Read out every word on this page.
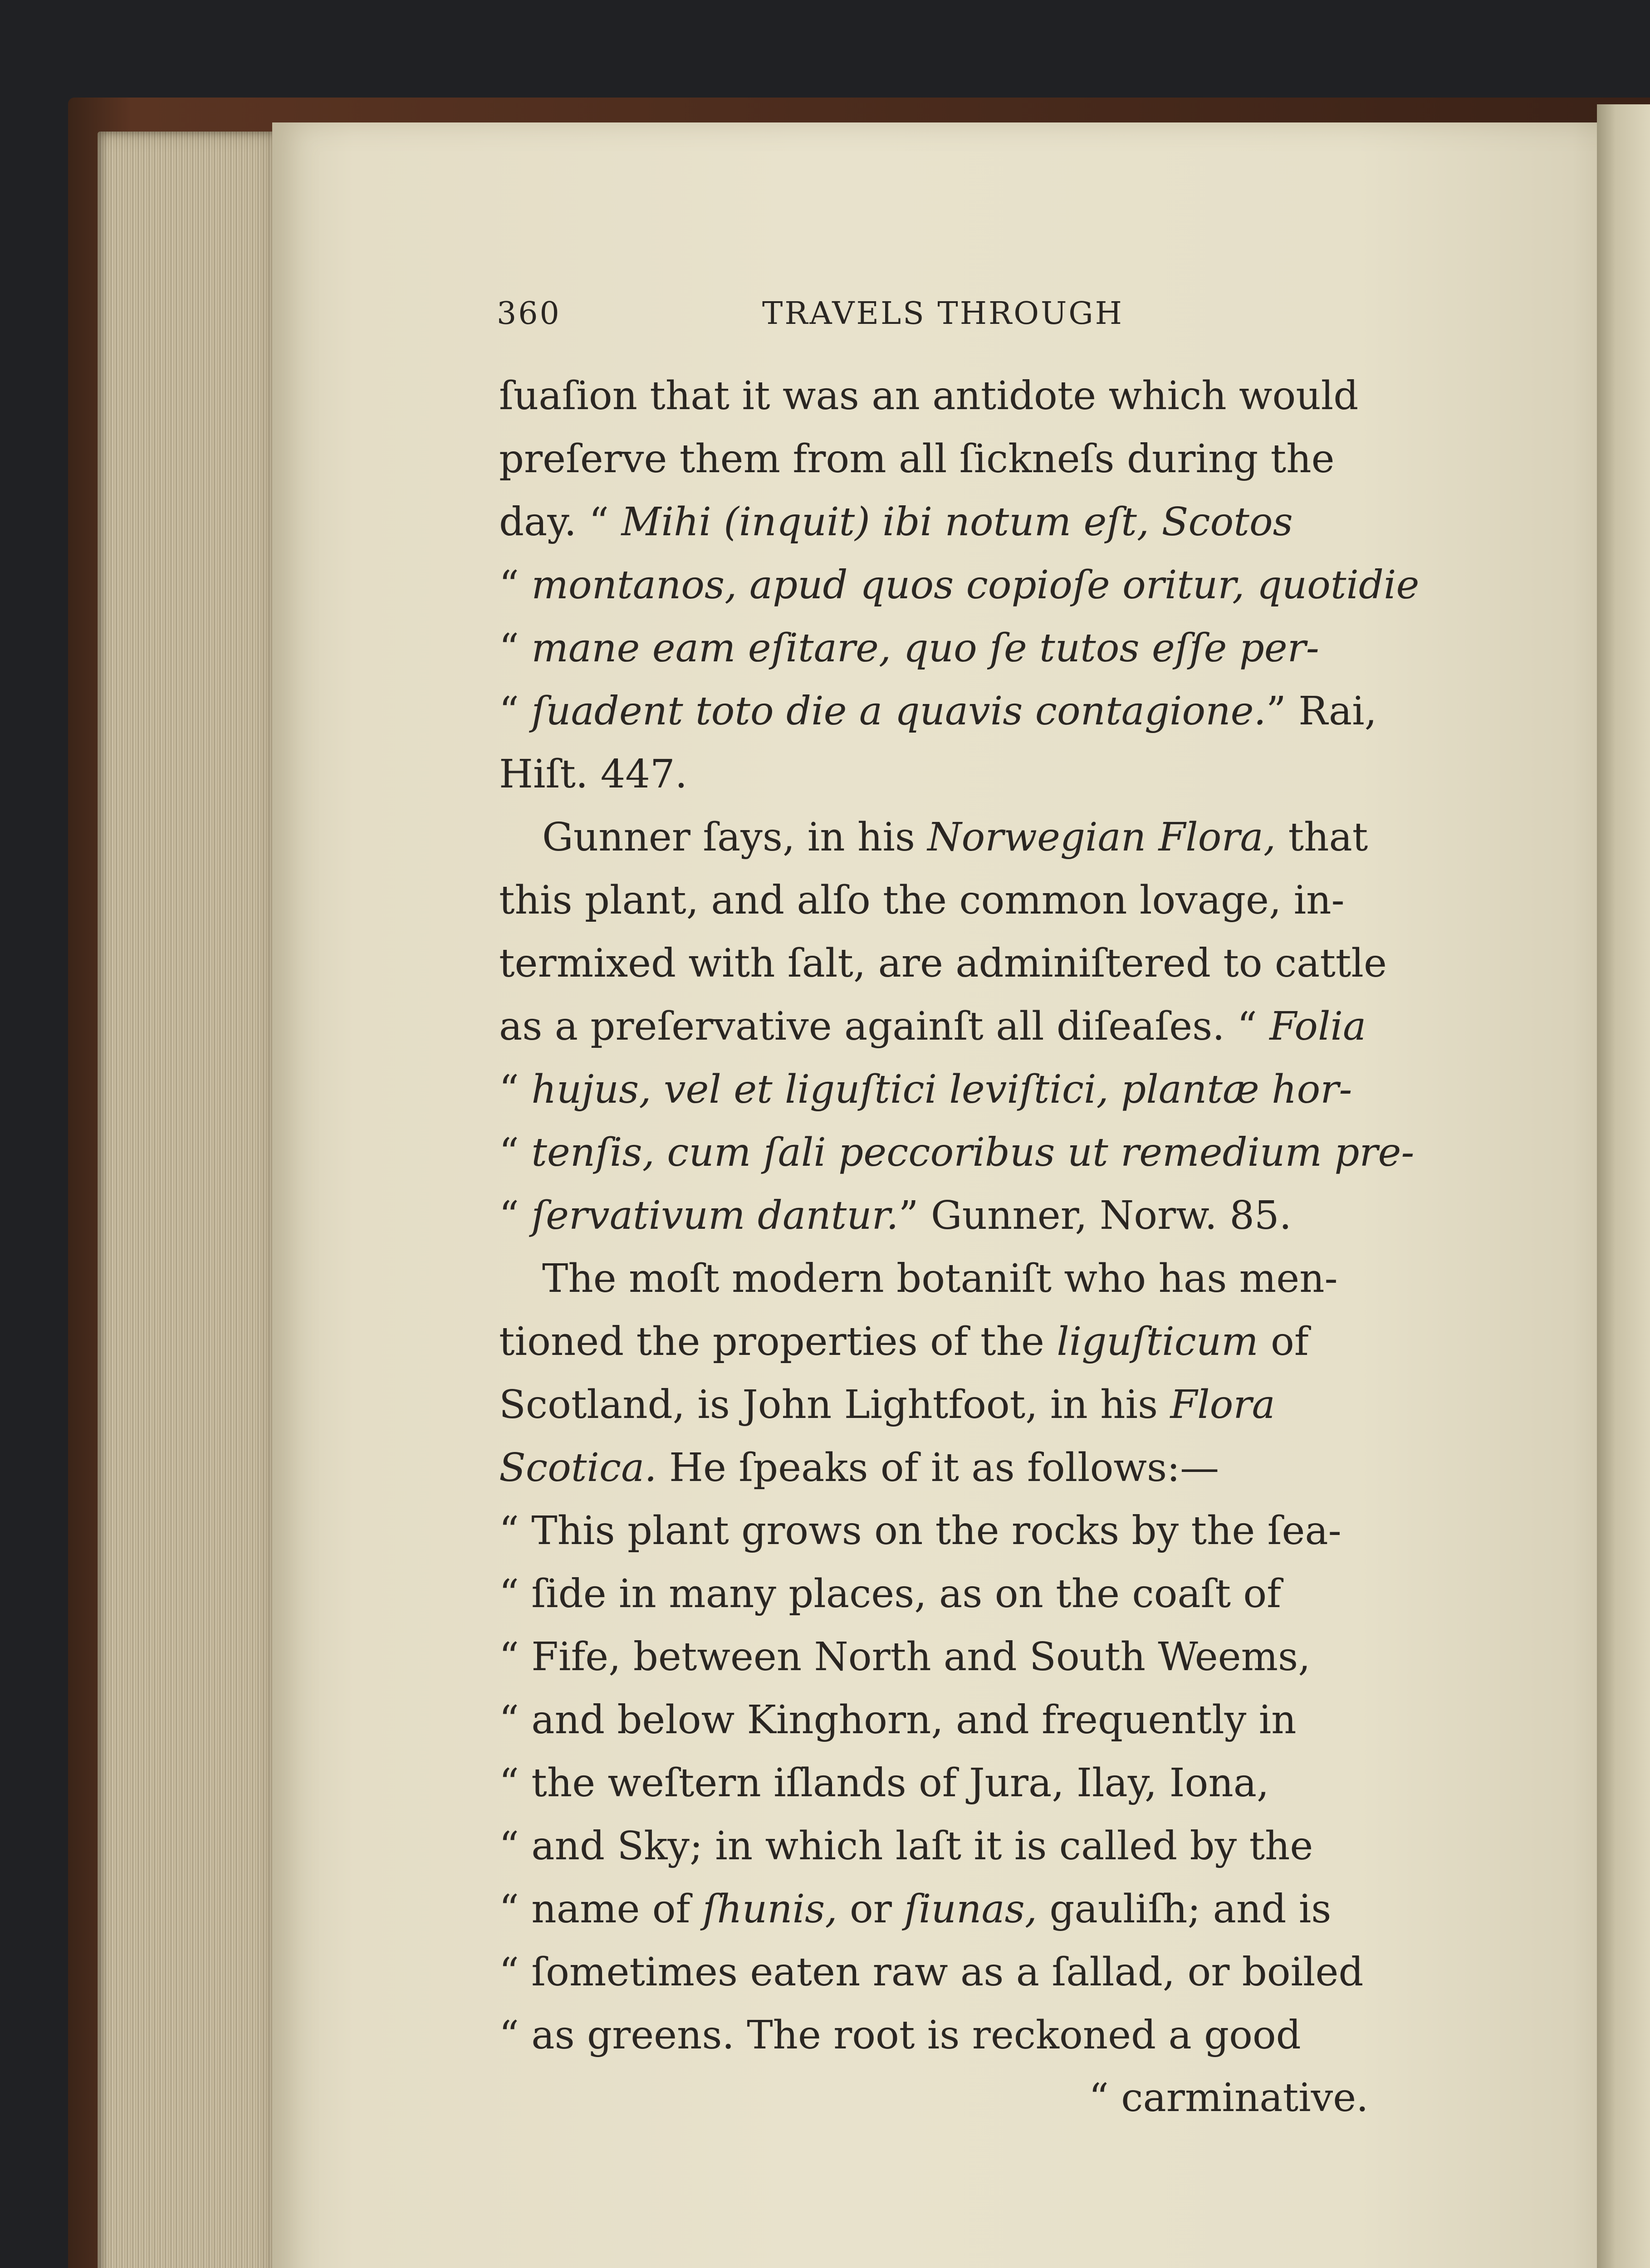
360	TRAVELS THROUGH
ſuaſion that it was an antidote which would
preſerve them from all ſickneſs during the
day. “ Mihi (inquit) ibi notum eſt, Scotos
“ montanos, apud quos copioſe oritur, quotidie
“ mane eam eſitare, quo ſe tutos eſſe per-
“ ſuadent toto die a quavis contagione.” Rai,
Hiſt. 447.
Gunner ſays, in his Norwegian Flora, that
this plant, and alſo the common lovage, in-
termixed with ſalt, are adminiſtered to cattle
as a preſervative againſt all diſeaſes. “ Folia
“ hujus, vel et liguſtici leviſtici, plantæ hor-
“ tenſis, cum ſali peccoribus ut remedium pre-
“ ſervativum dantur.” Gunner, Norw. 85.
The moſt modern botaniſt who has men-
tioned the properties of the liguſticum of
Scotland, is John Lightfoot, in his Flora
Scotica. He ſpeaks of it as follows:—
“ This plant grows on the rocks by the ſea-
“ ſide in many places, as on the coaſt of
“ Fife, between North and South Weems,
“ and below Kinghorn, and frequently in
“ the weſtern iſlands of Jura, Ilay, Iona,
“ and Sky; in which laſt it is called by the
“ name of ſhunis, or ſiunas, gauliſh; and is
“ ſometimes eaten raw as a ſallad, or boiled
“ as greens. The root is reckoned a good
“ carminative.
